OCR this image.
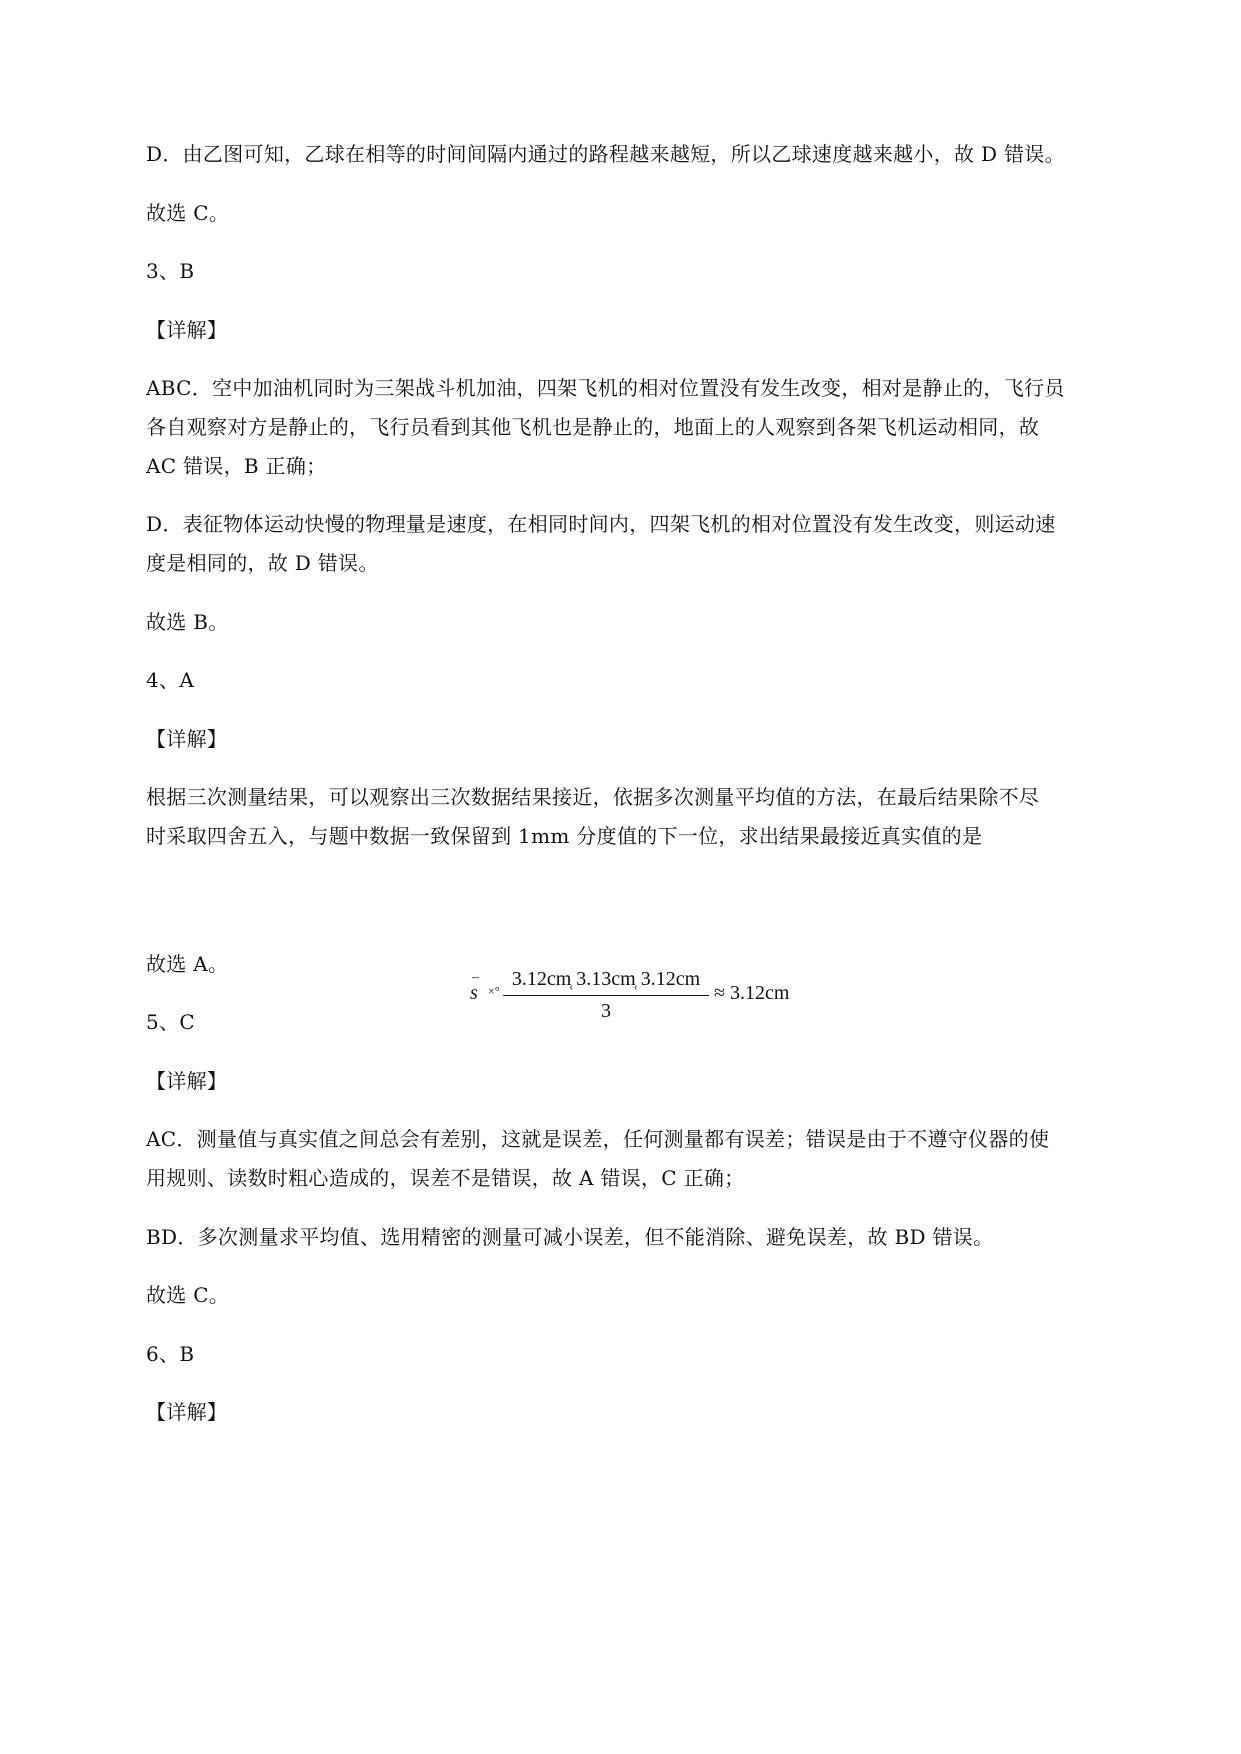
D．由乙图可知，乙球在相等的时间间隔内通过的路程越来越短，所以乙球速度越来越小，故 D 错误。
故选 C。
3、B
【详解】
ABC．空中加油机同时为三架战斗机加油，四架飞机的相对位置没有发生改变，相对是静止的，飞行员
各自观察对方是静止的，飞行员看到其他飞机也是静止的，地面上的人观察到各架飞机运动相同，故
AC 错误，B 正确；
D．表征物体运动快慢的物理量是速度，在相同时间内，四架飞机的相对位置没有发生改变，则运动速
度是相同的，故 D 错误。
故选 B。
4、A
【详解】
根据三次测量结果，可以观察出三次数据结果接近，依据多次测量平均值的方法，在最后结果除不尽
时采取四舍五入，与题中数据一致保留到 1mm 分度值的下一位，求出结果最接近真实值的是
–
s ×°
3.12cm̜ 3.13cm̜ 3.12cm
3
≈ 3.12cm
故选 A。
5、C
【详解】
AC．测量值与真实值之间总会有差别，这就是误差，任何测量都有误差；错误是由于不遵守仪器的使
用规则、读数时粗心造成的，误差不是错误，故 A 错误，C 正确；
BD．多次测量求平均值、选用精密的测量可减小误差，但不能消除、避免误差，故 BD 错误。
故选 C。
6、B
【详解】
